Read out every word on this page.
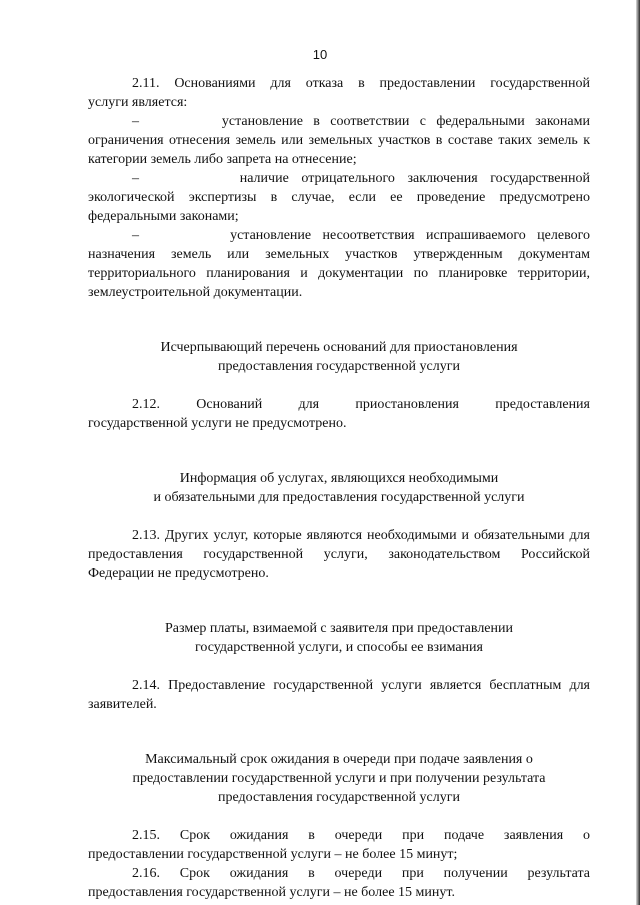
10

2.11. Основаниями для отказа в предоставлении государственной

услуги является:

–        установление в соответствии с федеральными законами

ограничения отнесения земель или земельных участков в составе таких земель к категории земель либо запрета на отнесение;

–        наличие отрицательного заключения государственной

экологической экспертизы в случае, если ее проведение предусмотрено федеральными законами;

–        установление несоответствия испрашиваемого целевого

назначения земель или земельных участков утвержденным документам территориального планирования и документации по планировке территории, землеустроительной документации.

Исчерпывающий перечень оснований для приостановления

предоставления государственной услуги

2.12. Оснований для приостановления предоставления

государственной услуги не предусмотрено.

Информация об услугах, являющихся необходимыми

и обязательными для предоставления государственной услуги

2.13. Других услуг, которые являются необходимыми и обязательными для предоставления государственной услуги, законодательством Российской Федерации не предусмотрено.

Размер платы, взимаемой с заявителя при предоставлении

государственной услуги, и способы ее взимания

2.14. Предоставление государственной услуги является бесплатным для заявителей.

Максимальный срок ожидания в очереди при подаче заявления о

предоставлении государственной услуги и при получении результата

предоставления государственной услуги

2.15. Срок ожидания в очереди при подаче заявления о

предоставлении государственной услуги – не более 15 минут;

2.16. Срок ожидания в очереди при получении результата

предоставления государственной услуги – не более 15 минут.
